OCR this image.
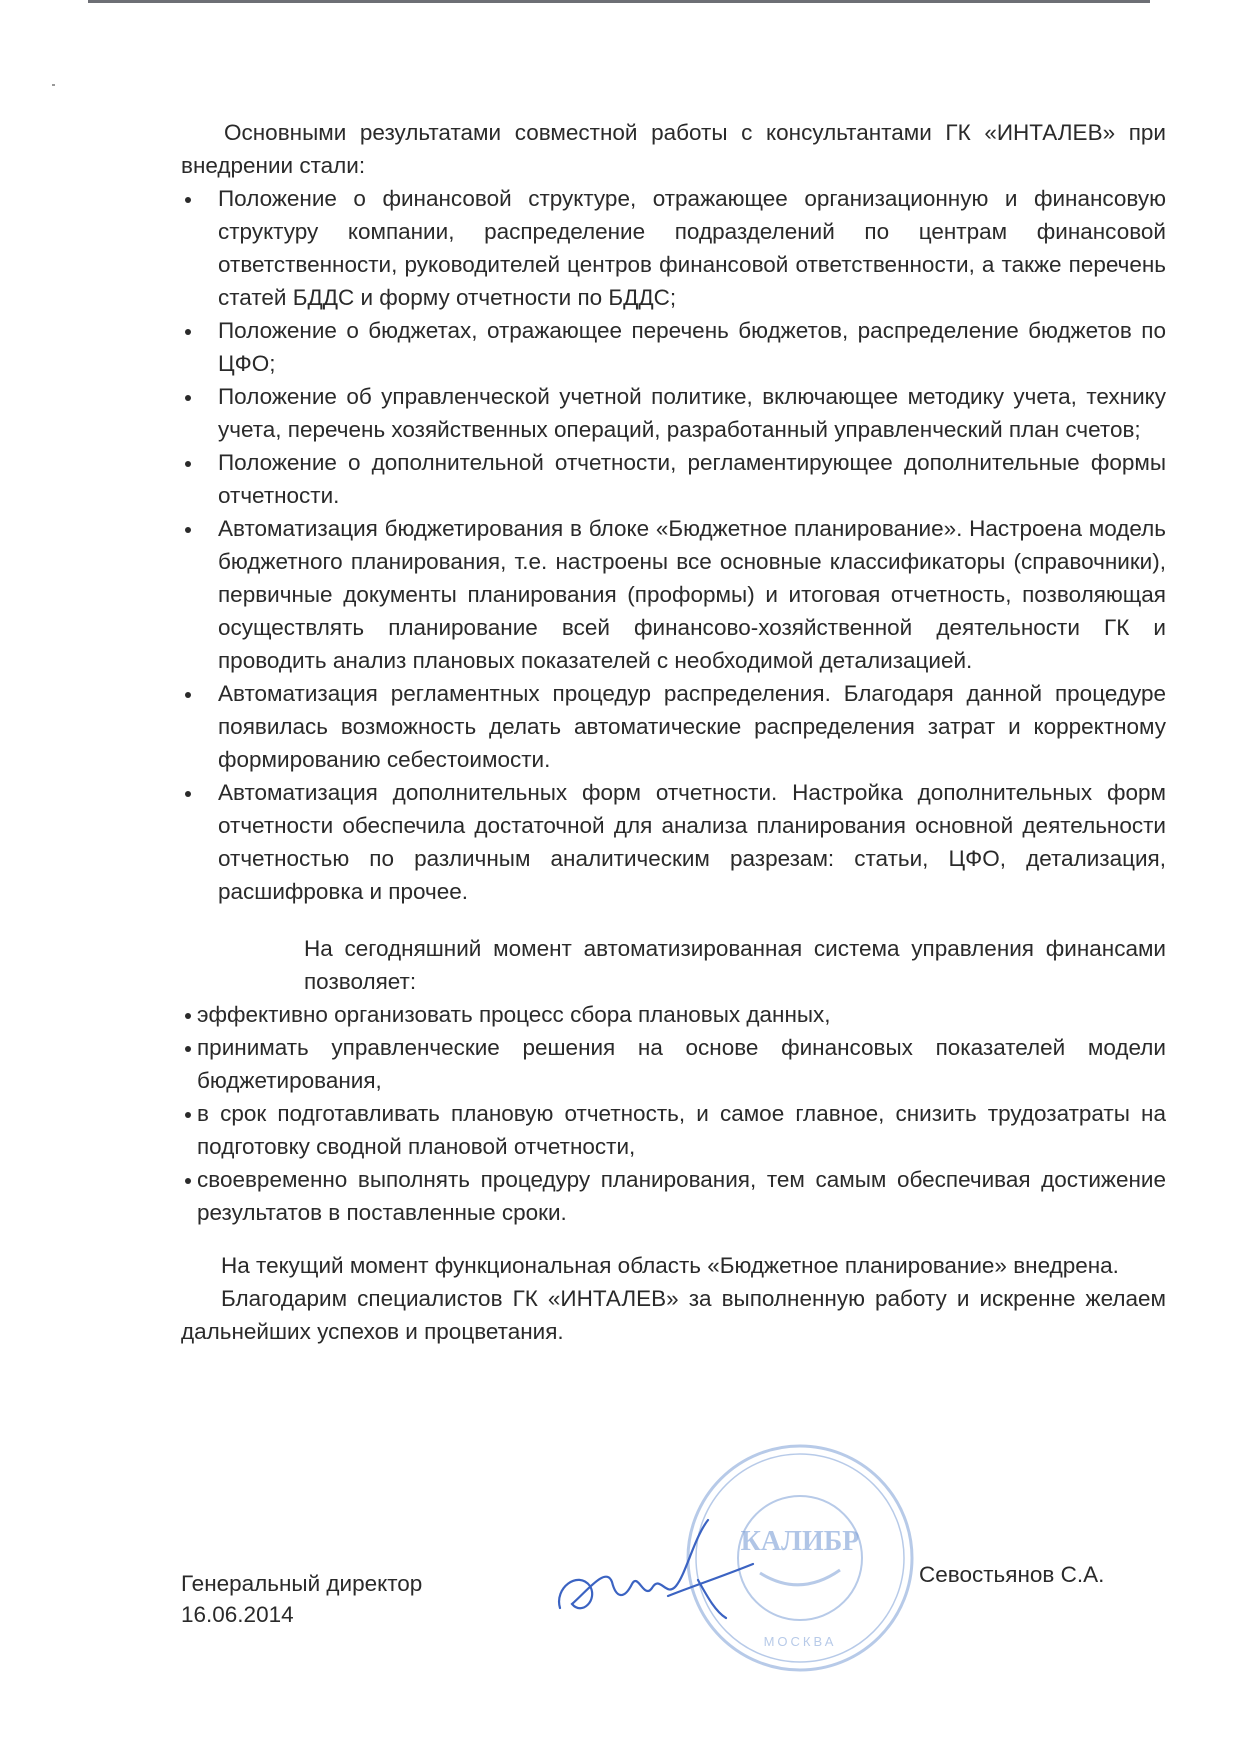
Основными результатами совместной работы с консультантами ГК «ИНТАЛЕВ» при внедрении стали:

Положение о финансовой структуре, отражающее организационную и финансовую структуру компании, распределение подразделений по центрам финансовой ответственности, руководителей центров финансовой ответственности, а также перечень статей БДДС и форму отчетности по БДДС;
Положение о бюджетах, отражающее перечень бюджетов, распределение бюджетов по ЦФО;
Положение об управленческой учетной политике, включающее методику учета, технику учета, перечень хозяйственных операций, разработанный управленческий план счетов;
Положение о дополнительной отчетности, регламентирующее дополнительные формы отчетности.
Автоматизация бюджетирования в блоке «Бюджетное планирование». Настроена модель бюджетного планирования, т.е. настроены все основные классификаторы (справочники), первичные документы планирования (проформы) и итоговая отчетность, позволяющая осуществлять планирование всей финансово-хозяйственной деятельности ГК и проводить анализ плановых показателей с необходимой детализацией.
Автоматизация регламентных процедур распределения. Благодаря данной процедуре появилась возможность делать автоматические распределения затрат и корректному формированию себестоимости.
Автоматизация дополнительных форм отчетности. Настройка дополнительных форм отчетности обеспечила достаточной для анализа планирования основной деятельности отчетностью по различным аналитическим разрезам: статьи, ЦФО, детализация, расшифровка и прочее.

На сегодняшний момент автоматизированная система управления финансами позволяет:

эффективно организовать процесс сбора плановых данных,
принимать управленческие решения на основе финансовых показателей модели бюджетирования,
в срок подготавливать плановую отчетность, и самое главное, снизить трудозатраты на подготовку сводной плановой отчетности,
своевременно выполнять процедуру планирования, тем самым обеспечивая достижение результатов в поставленные сроки.

На текущий момент функциональная область «Бюджетное планирование» внедрена.

Благодарим специалистов ГК «ИНТАЛЕВ» за выполненную работу и искренне желаем дальнейших успехов и процветания.

Генеральный директор
16.06.2014
КАЛИБР
МОСКВА
Севостьянов С.А.
